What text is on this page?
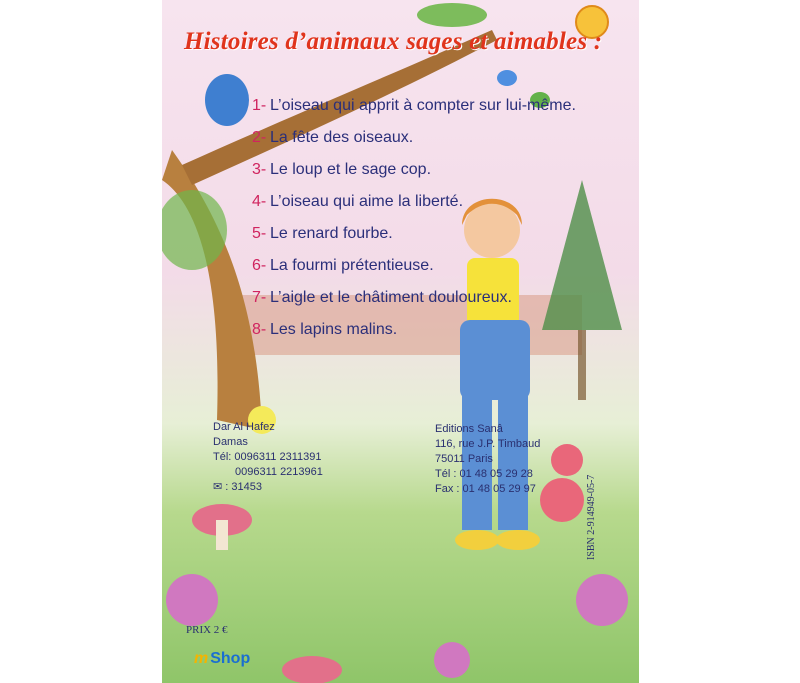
Histoires d’animaux sages et aimables :
1- L’oiseau qui apprit à compter sur lui-même.
2- La fête des oiseaux.
3- Le loup et le sage cop.
4- L’oiseau qui aime la liberté.
5- Le renard fourbe.
6- La fourmi prétentieuse.
7- L’aigle et le châtiment douloureux.
8- Les lapins malins.
Dar Al Hafez
Damas
Tél: 0096311 2311391
0096311 2213961
✉ : 31453
Editions Sanâ
116, rue J.P. Timbaud
75011 Paris
Tél : 01 48 05 29 28
Fax : 01 48 05 29 97
PRIX 2 €
ISBN 2-914949-05-7
m Shop
